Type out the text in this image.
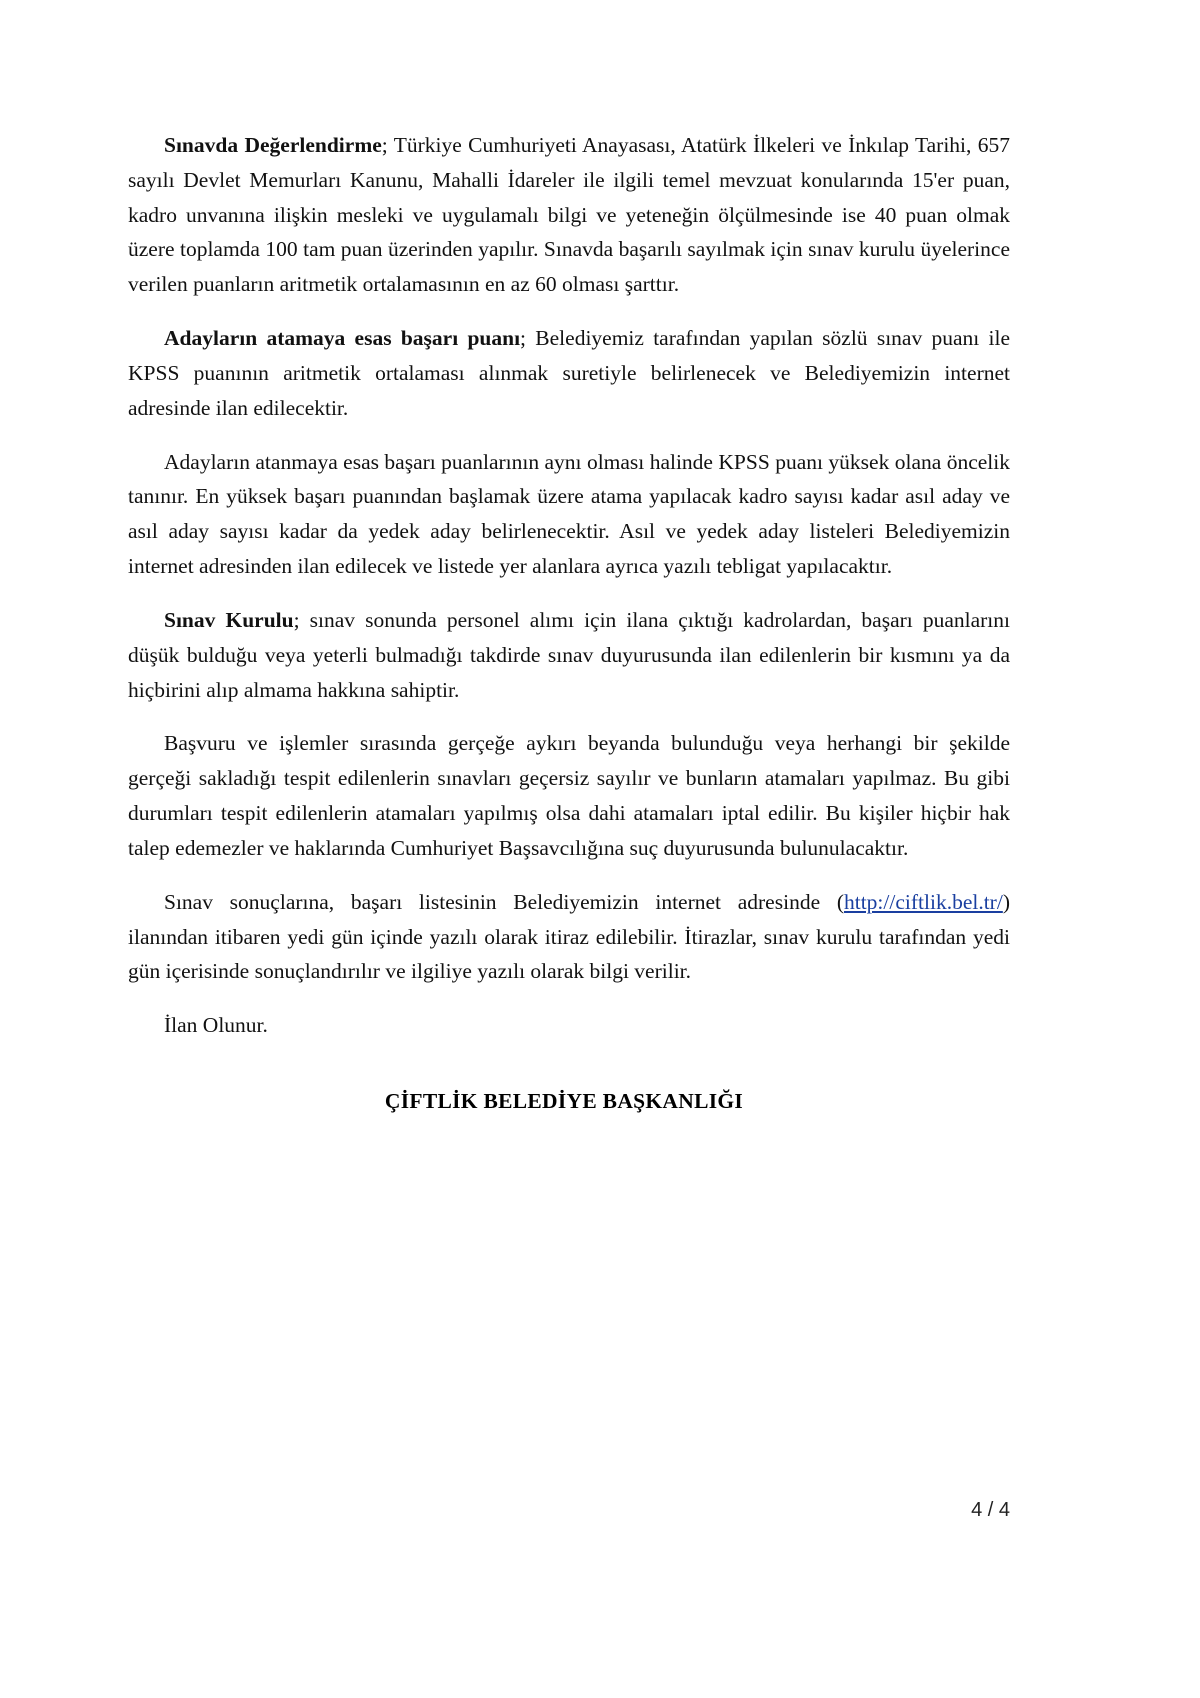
Sınavda Değerlendirme; Türkiye Cumhuriyeti Anayasası, Atatürk İlkeleri ve İnkılap Tarihi, 657 sayılı Devlet Memurları Kanunu, Mahalli İdareler ile ilgili temel mevzuat konularında 15'er puan, kadro unvanına ilişkin mesleki ve uygulamalı bilgi ve yeteneğin ölçülmesinde ise 40 puan olmak üzere toplamda 100 tam puan üzerinden yapılır. Sınavda başarılı sayılmak için sınav kurulu üyelerince verilen puanların aritmetik ortalamasının en az 60 olması şarttır.

Adayların atamaya esas başarı puanı; Belediyemiz tarafından yapılan sözlü sınav puanı ile KPSS puanının aritmetik ortalaması alınmak suretiyle belirlenecek ve Belediyemizin internet adresinde ilan edilecektir.

Adayların atanmaya esas başarı puanlarının aynı olması halinde KPSS puanı yüksek olana öncelik tanınır. En yüksek başarı puanından başlamak üzere atama yapılacak kadro sayısı kadar asıl aday ve asıl aday sayısı kadar da yedek aday belirlenecektir. Asıl ve yedek aday listeleri Belediyemizin internet adresinden ilan edilecek ve listede yer alanlara ayrıca yazılı tebligat yapılacaktır.

Sınav Kurulu; sınav sonunda personel alımı için ilana çıktığı kadrolardan, başarı puanlarını düşük bulduğu veya yeterli bulmadığı takdirde sınav duyurusunda ilan edilenlerin bir kısmını ya da hiçbirini alıp almama hakkına sahiptir.

Başvuru ve işlemler sırasında gerçeğe aykırı beyanda bulunduğu veya herhangi bir şekilde gerçeği sakladığı tespit edilenlerin sınavları geçersiz sayılır ve bunların atamaları yapılmaz. Bu gibi durumları tespit edilenlerin atamaları yapılmış olsa dahi atamaları iptal edilir. Bu kişiler hiçbir hak talep edemezler ve haklarında Cumhuriyet Başsavcılığına suç duyurusunda bulunulacaktır.

Sınav sonuçlarına, başarı listesinin Belediyemizin internet adresinde (http://ciftlik.bel.tr/) ilanından itibaren yedi gün içinde yazılı olarak itiraz edilebilir. İtirazlar, sınav kurulu tarafından yedi gün içerisinde sonuçlandırılır ve ilgiliye yazılı olarak bilgi verilir.

İlan Olunur.

ÇİFTLİK BELEDİYE BAŞKANLIĞI
4 / 4
